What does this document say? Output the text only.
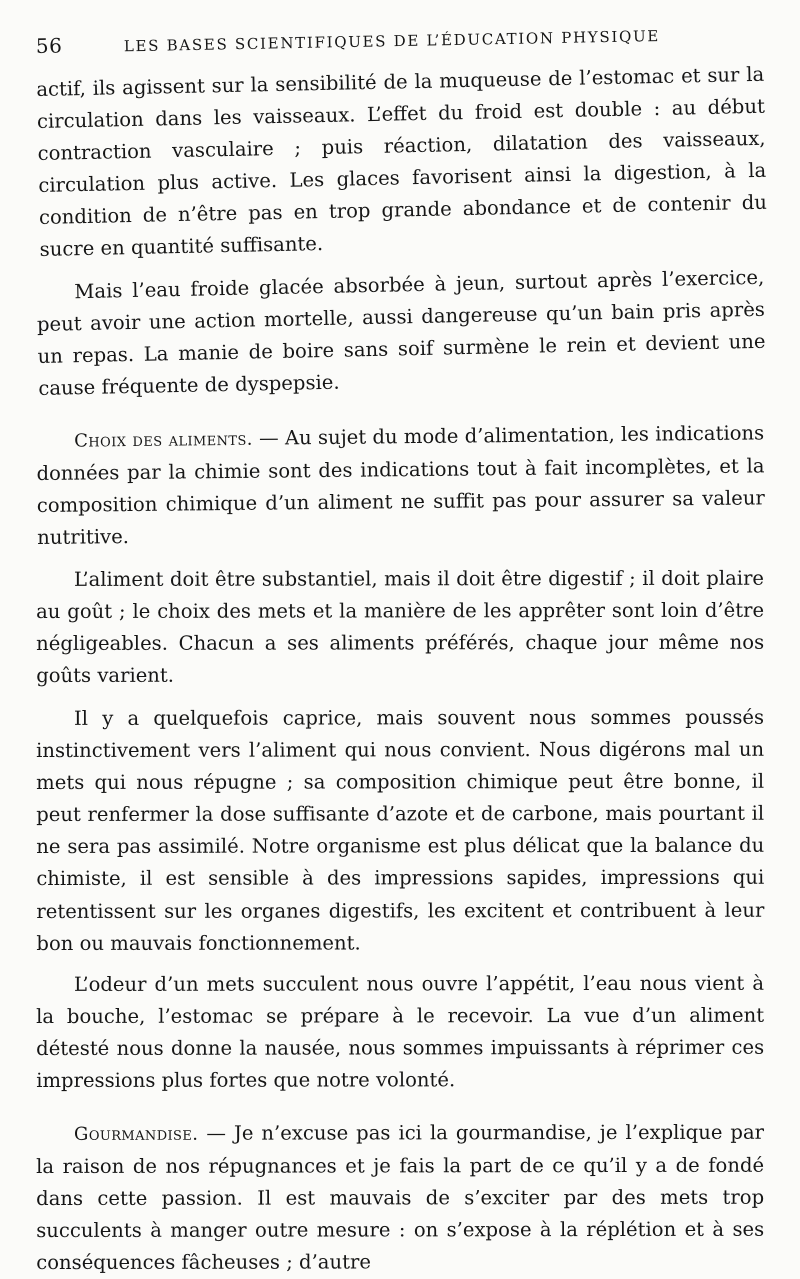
56	LES BASES SCIENTIFIQUES DE L’ÉDUCATION PHYSIQUE

actif, ils agissent sur la sensibilité de la muqueuse de l’estomac et sur la circulation dans les vaisseaux. L’effet du froid est double : au début contraction vasculaire ; puis réaction, dilatation des vaisseaux, circulation plus active. Les glaces favorisent ainsi la digestion, à la condition de n’être pas en trop grande abondance et de contenir du sucre en quantité suffisante.

Mais l’eau froide glacée absorbée à jeun, surtout après l’exercice, peut avoir une action mortelle, aussi dangereuse qu’un bain pris après un repas. La manie de boire sans soif surmène le rein et devient une cause fréquente de dyspepsie.

Choix des aliments. — Au sujet du mode d’alimentation, les indications données par la chimie sont des indications tout à fait incomplètes, et la composition chimique d’un aliment ne suffit pas pour assurer sa valeur nutritive.

L’aliment doit être substantiel, mais il doit être digestif ; il doit plaire au goût ; le choix des mets et la manière de les apprêter sont loin d’être négligeables. Chacun a ses aliments préférés, chaque jour même nos goûts varient.

Il y a quelquefois caprice, mais souvent nous sommes poussés instinctivement vers l’aliment qui nous convient. Nous digérons mal un mets qui nous répugne ; sa composition chimique peut être bonne, il peut renfermer la dose suffisante d’azote et de carbone, mais pourtant il ne sera pas assimilé. Notre organisme est plus délicat que la balance du chimiste, il est sensible à des impressions sapides, impressions qui retentissent sur les organes digestifs, les excitent et contribuent à leur bon ou mauvais fonctionnement.

L’odeur d’un mets succulent nous ouvre l’appétit, l’eau nous vient à la bouche, l’estomac se prépare à le recevoir. La vue d’un aliment détesté nous donne la nausée, nous sommes impuissants à réprimer ces impressions plus fortes que notre volonté.

Gourmandise. — Je n’excuse pas ici la gourmandise, je l’explique par la raison de nos répugnances et je fais la part de ce qu’il y a de fondé dans cette passion. Il est mauvais de s’exciter par des mets trop succulents à manger outre mesure : on s’expose à la réplétion et à ses conséquences fâcheuses ; d’autre
